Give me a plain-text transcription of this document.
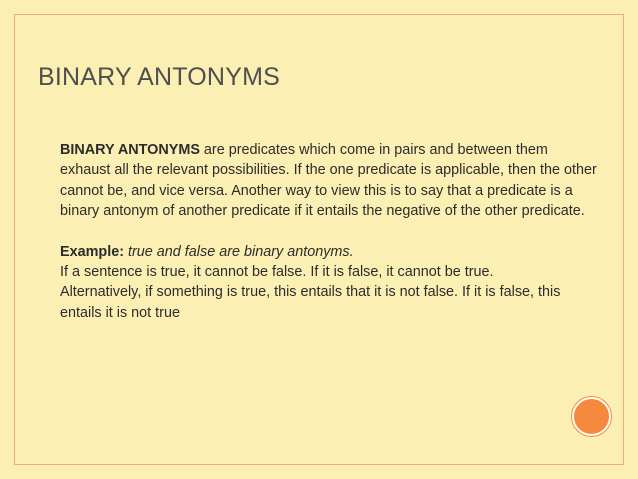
BINARY ANTONYMS

BINARY ANTONYMS are predicates which come in pairs and between them exhaust all the relevant possibilities. If the one predicate is applicable, then the other cannot be, and vice versa. Another way to view this is to say that a predicate is a binary antonym of another predicate if it entails the negative of the other predicate.

Example: true and false are binary antonyms.
If a sentence is true, it cannot be false. If it is false, it cannot be true.
Alternatively, if something is true, this entails that it is not false. If it is false, this entails it is not true
